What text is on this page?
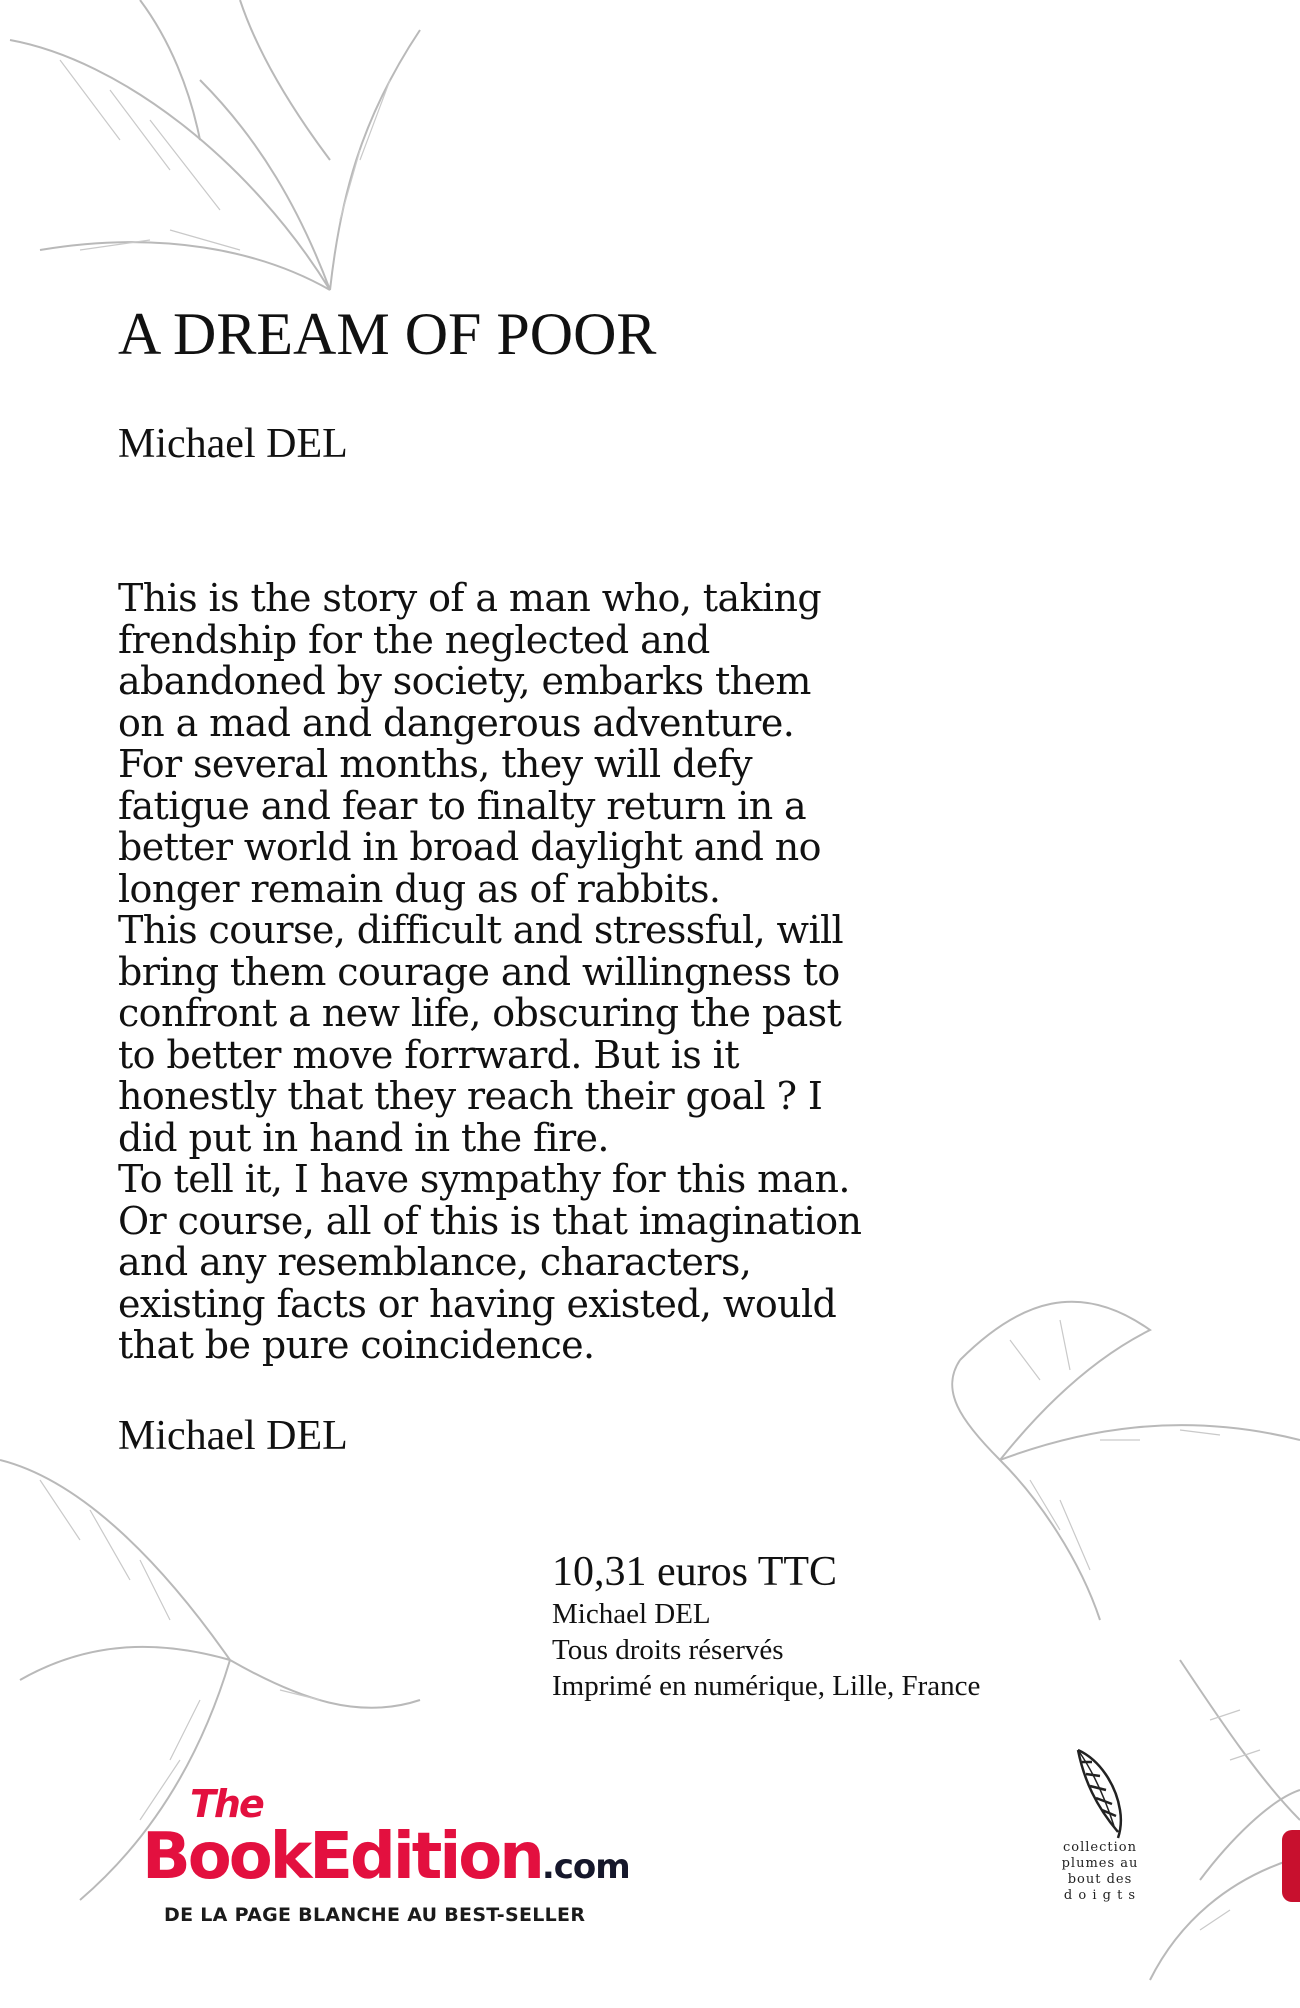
A DREAM OF POOR

Michael DEL

This is the story of a man who, taking

frendship for the neglected and

abandoned by society, embarks them

on a mad and dangerous adventure.

For several months, they will defy

fatigue and fear to finalty return in a

better world in broad daylight and no

longer remain dug as of rabbits.

This course, difficult and stressful, will

bring them courage and willingness to

confront a new life, obscuring the past

to better move forrward. But is it

honestly that they reach their goal ? I

did put in hand in the fire.

To tell it, I have sympathy for this man.

Or course, all of this is that imagination

and any resemblance, characters,

existing facts or having existed, would

that be pure coincidence.

Michael DEL

10,31 euros TTC

Michael DEL

Tous droits réservés

Imprimé en numérique, Lille, France

The
BookEdition.com
DE LA PAGE BLANCHE AU BEST-SELLER
collection
plumes au
bout des
d o i g t s
